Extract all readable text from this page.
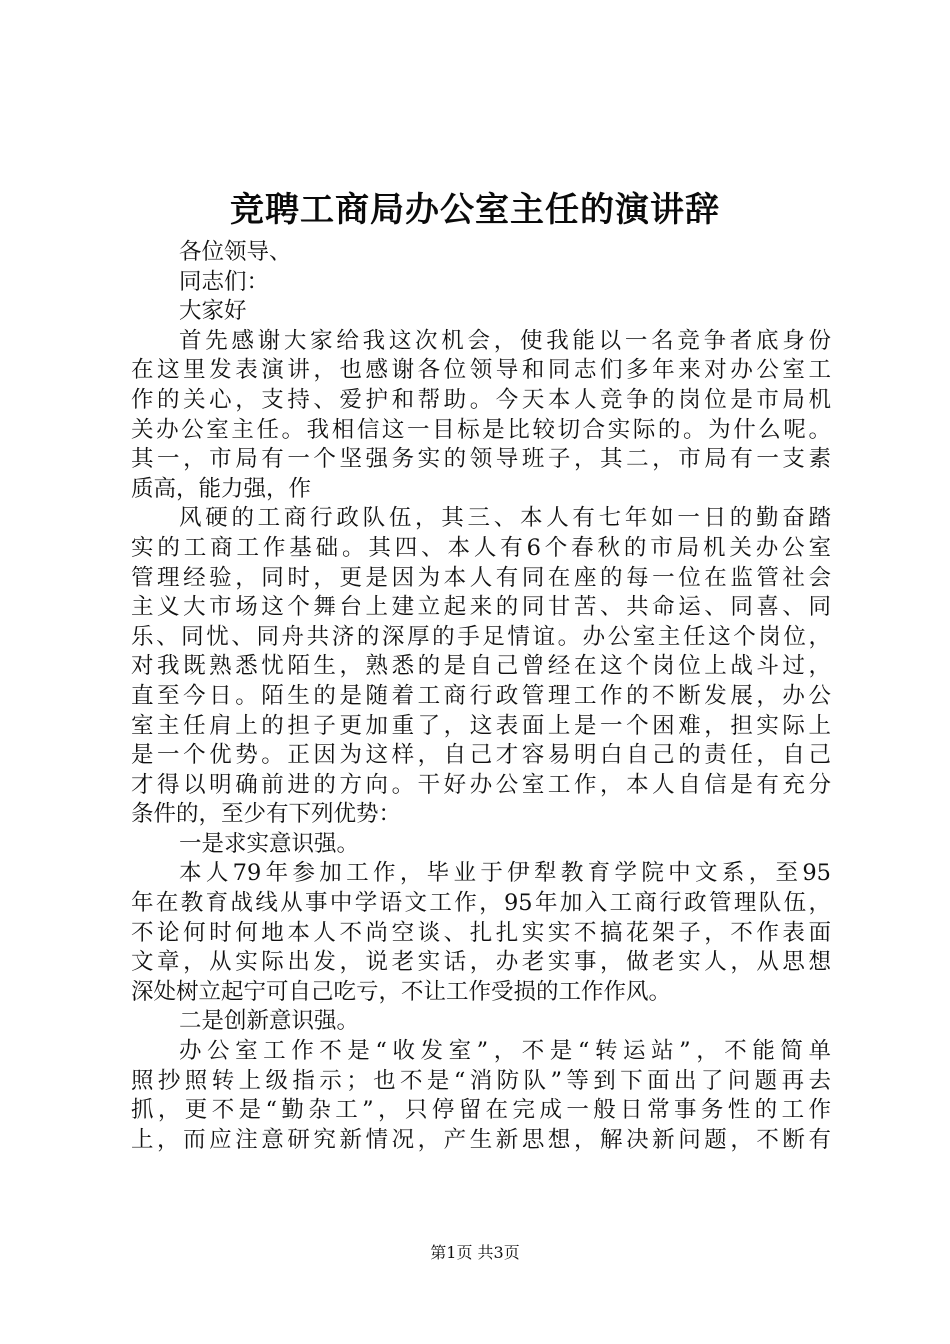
竞聘工商局办公室主任的演讲辞
各位领导、
同志们：
大家好
首先感谢大家给我这次机会，使我能以一名竞争者底身份
在这里发表演讲，也感谢各位领导和同志们多年来对办公室工
作的关心，支持、爱护和帮助。今天本人竞争的岗位是市局机
关办公室主任。我相信这一目标是比较切合实际的。为什么呢。
其一，市局有一个坚强务实的领导班子，其二，市局有一支素
质高，能力强，作
风硬的工商行政队伍，其三、本人有七年如一日的勤奋踏
实的工商工作基础。其四、本人有6个春秋的市局机关办公室
管理经验，同时，更是因为本人有同在座的每一位在监管社会
主义大市场这个舞台上建立起来的同甘苦、共命运、同喜、同
乐、同忧、同舟共济的深厚的手足情谊。办公室主任这个岗位，
对我既熟悉忧陌生，熟悉的是自己曾经在这个岗位上战斗过，
直至今日。陌生的是随着工商行政管理工作的不断发展，办公
室主任肩上的担子更加重了，这表面上是一个困难，担实际上
是一个优势。正因为这样，自己才容易明白自己的责任，自己
才得以明确前进的方向。干好办公室工作，本人自信是有充分
条件的，至少有下列优势：
一是求实意识强。
本人79年参加工作，毕业于伊犁教育学院中文系，至95
年在教育战线从事中学语文工作，95年加入工商行政管理队伍，
不论何时何地本人不尚空谈、扎扎实实不搞花架子，不作表面
文章，从实际出发，说老实话，办老实事，做老实人，从思想
深处树立起宁可自己吃亏，不让工作受损的工作作风。
二是创新意识强。
办公室工作不是“收发室”，不是“转运站”，不能简单
照抄照转上级指示；也不是“消防队”等到下面出了问题再去
抓，更不是“勤杂工”，只停留在完成一般日常事务性的工作
上，而应注意研究新情况，产生新思想，解决新问题，不断有
第1页 共3页
